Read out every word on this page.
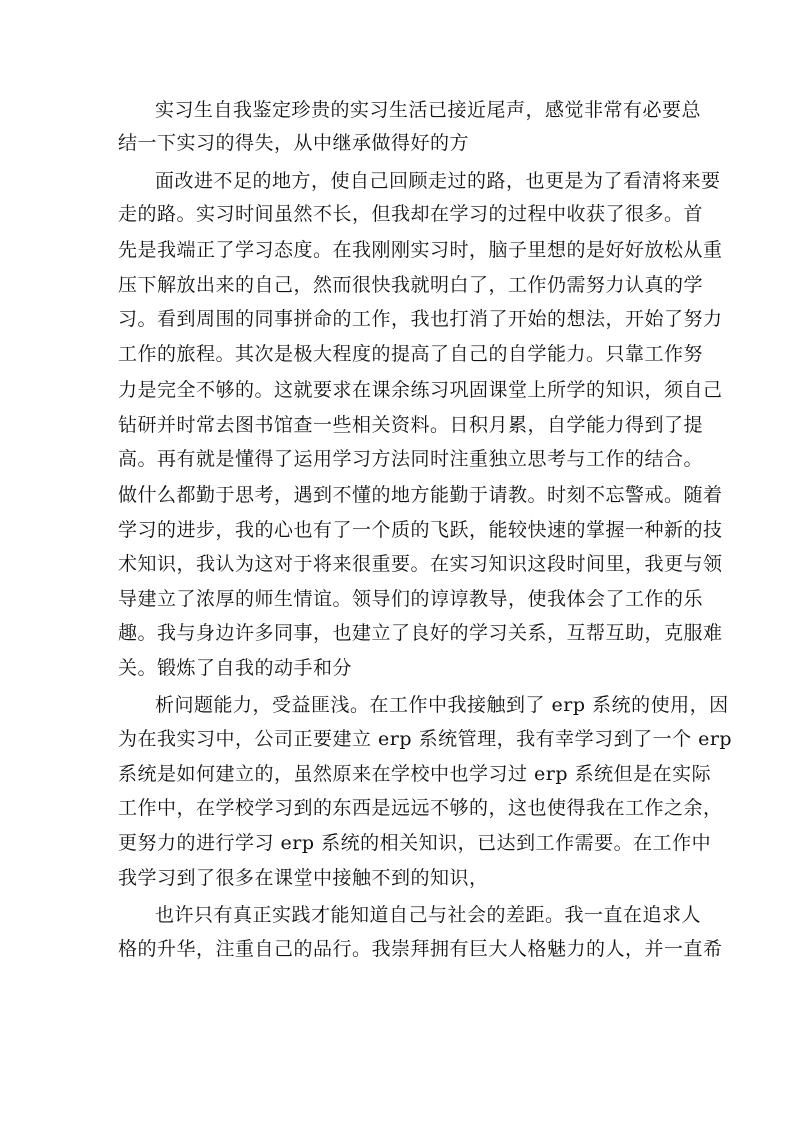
实习生自我鉴定珍贵的实习生活已接近尾声，感觉非常有必要总
结一下实习的得失，从中继承做得好的方
面改进不足的地方，使自己回顾走过的路，也更是为了看清将来要
走的路。实习时间虽然不长，但我却在学习的过程中收获了很多。首
先是我端正了学习态度。在我刚刚实习时，脑子里想的是好好放松从重
压下解放出来的自己，然而很快我就明白了，工作仍需努力认真的学
习。看到周围的同事拼命的工作，我也打消了开始的想法，开始了努力
工作的旅程。其次是极大程度的提高了自己的自学能力。只靠工作努
力是完全不够的。这就要求在课余练习巩固课堂上所学的知识，须自己
钻研并时常去图书馆查一些相关资料。日积月累，自学能力得到了提
高。再有就是懂得了运用学习方法同时注重独立思考与工作的结合。
做什么都勤于思考，遇到不懂的地方能勤于请教。时刻不忘警戒。随着
学习的进步，我的心也有了一个质的飞跃，能较快速的掌握一种新的技
术知识，我认为这对于将来很重要。在实习知识这段时间里，我更与领
导建立了浓厚的师生情谊。领导们的谆谆教导，使我体会了工作的乐
趣。我与身边许多同事，也建立了良好的学习关系，互帮互助，克服难
关。锻炼了自我的动手和分
析问题能力，受益匪浅。在工作中我接触到了 erp 系统的使用，因
为在我实习中，公司正要建立 erp 系统管理，我有幸学习到了一个 erp
系统是如何建立的，虽然原来在学校中也学习过 erp 系统但是在实际
工作中，在学校学习到的东西是远远不够的，这也使得我在工作之余，
更努力的进行学习 erp 系统的相关知识，已达到工作需要。在工作中
我学习到了很多在课堂中接触不到的知识，
也许只有真正实践才能知道自己与社会的差距。我一直在追求人
格的升华，注重自己的品行。我崇拜拥有巨大人格魅力的人，并一直希
